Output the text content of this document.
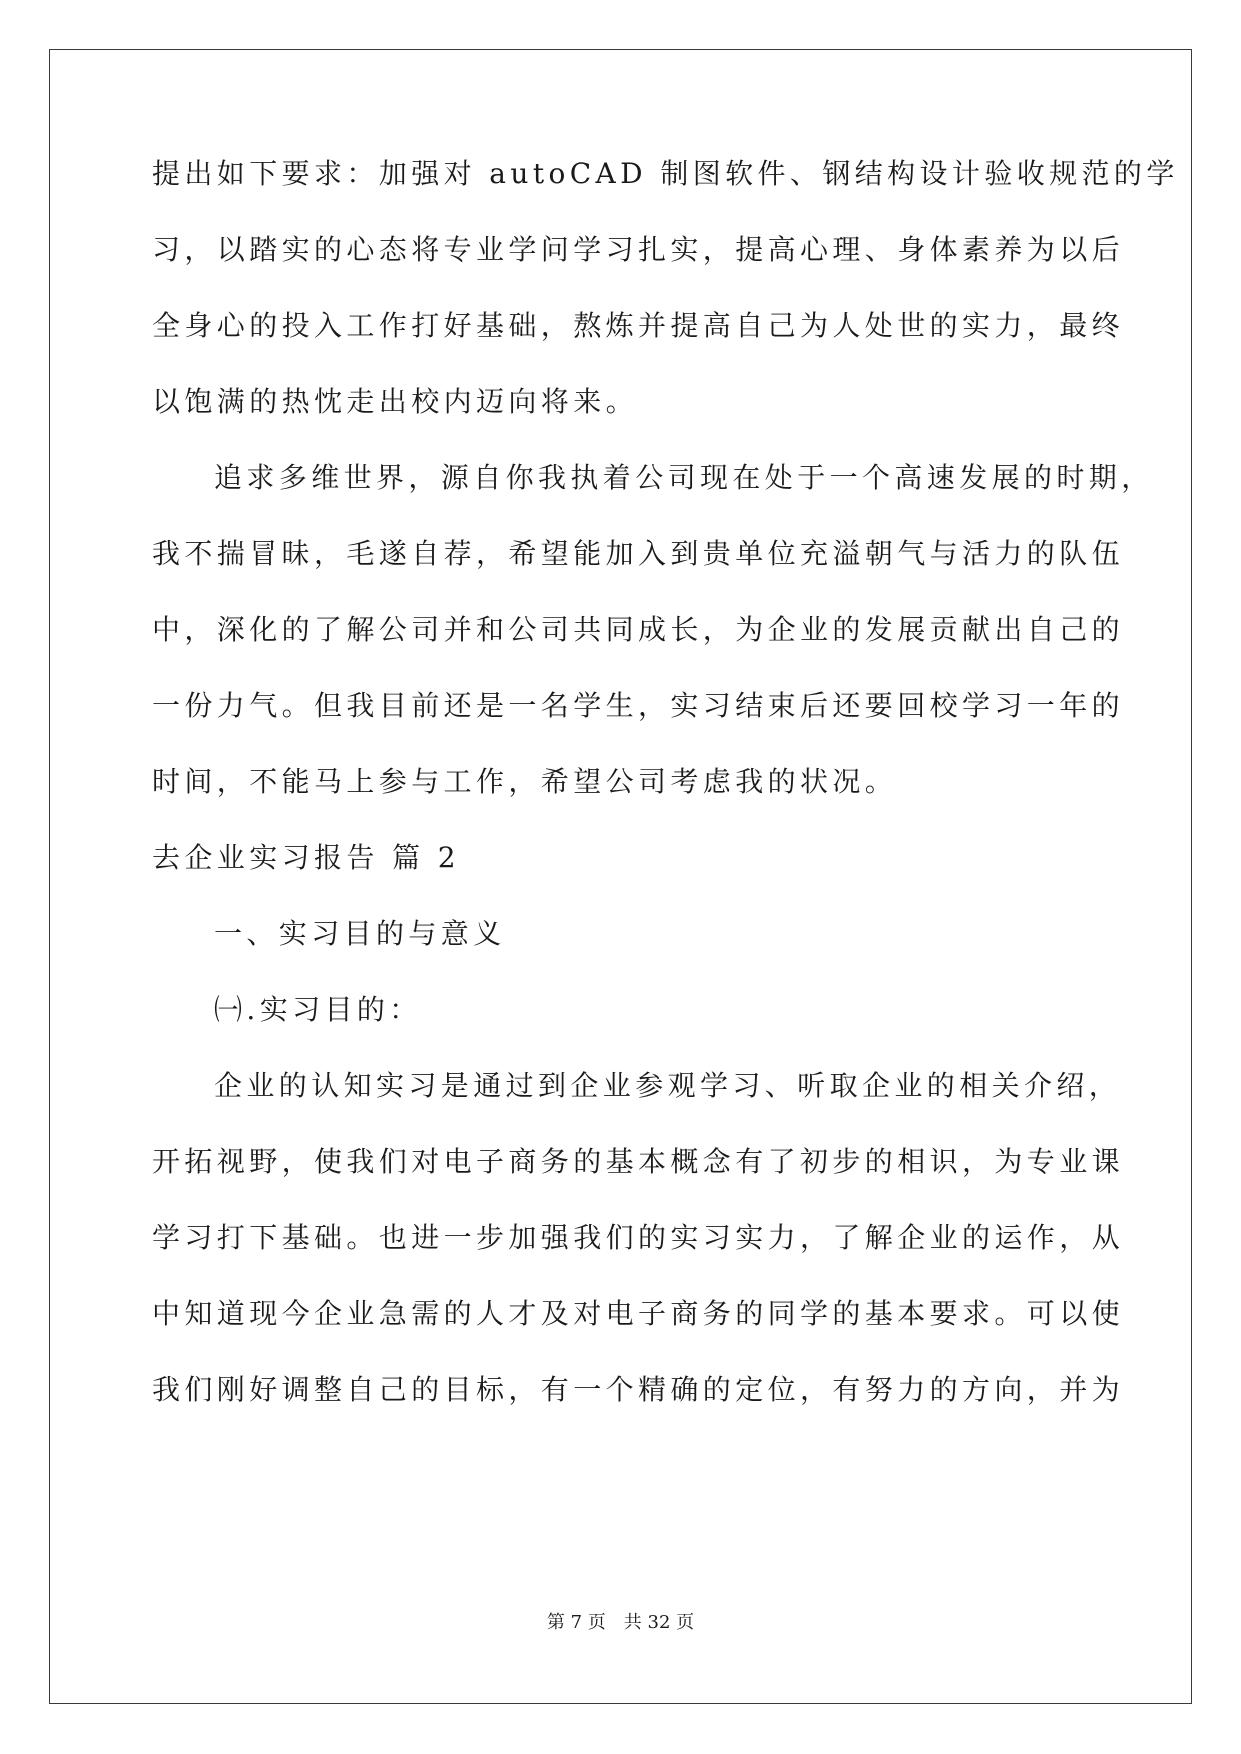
提出如下要求：加强对 autoCAD 制图软件、钢结构设计验收规范的学
习，以踏实的心态将专业学问学习扎实，提高心理、身体素养为以后
全身心的投入工作打好基础，熬炼并提高自己为人处世的实力，最终
以饱满的热忱走出校内迈向将来。
追求多维世界，源自你我执着公司现在处于一个高速发展的时期，
我不揣冒昧，毛遂自荐，希望能加入到贵单位充溢朝气与活力的队伍
中，深化的了解公司并和公司共同成长，为企业的发展贡献出自己的
一份力气。但我目前还是一名学生，实习结束后还要回校学习一年的
时间，不能马上参与工作，希望公司考虑我的状况。
去企业实习报告 篇 2
一、实习目的与意义
㈠.实习目的：
企业的认知实习是通过到企业参观学习、听取企业的相关介绍，
开拓视野，使我们对电子商务的基本概念有了初步的相识，为专业课
学习打下基础。也进一步加强我们的实习实力，了解企业的运作，从
中知道现今企业急需的人才及对电子商务的同学的基本要求。可以使
我们刚好调整自己的目标，有一个精确的定位，有努力的方向，并为
第 7 页 共 32 页
